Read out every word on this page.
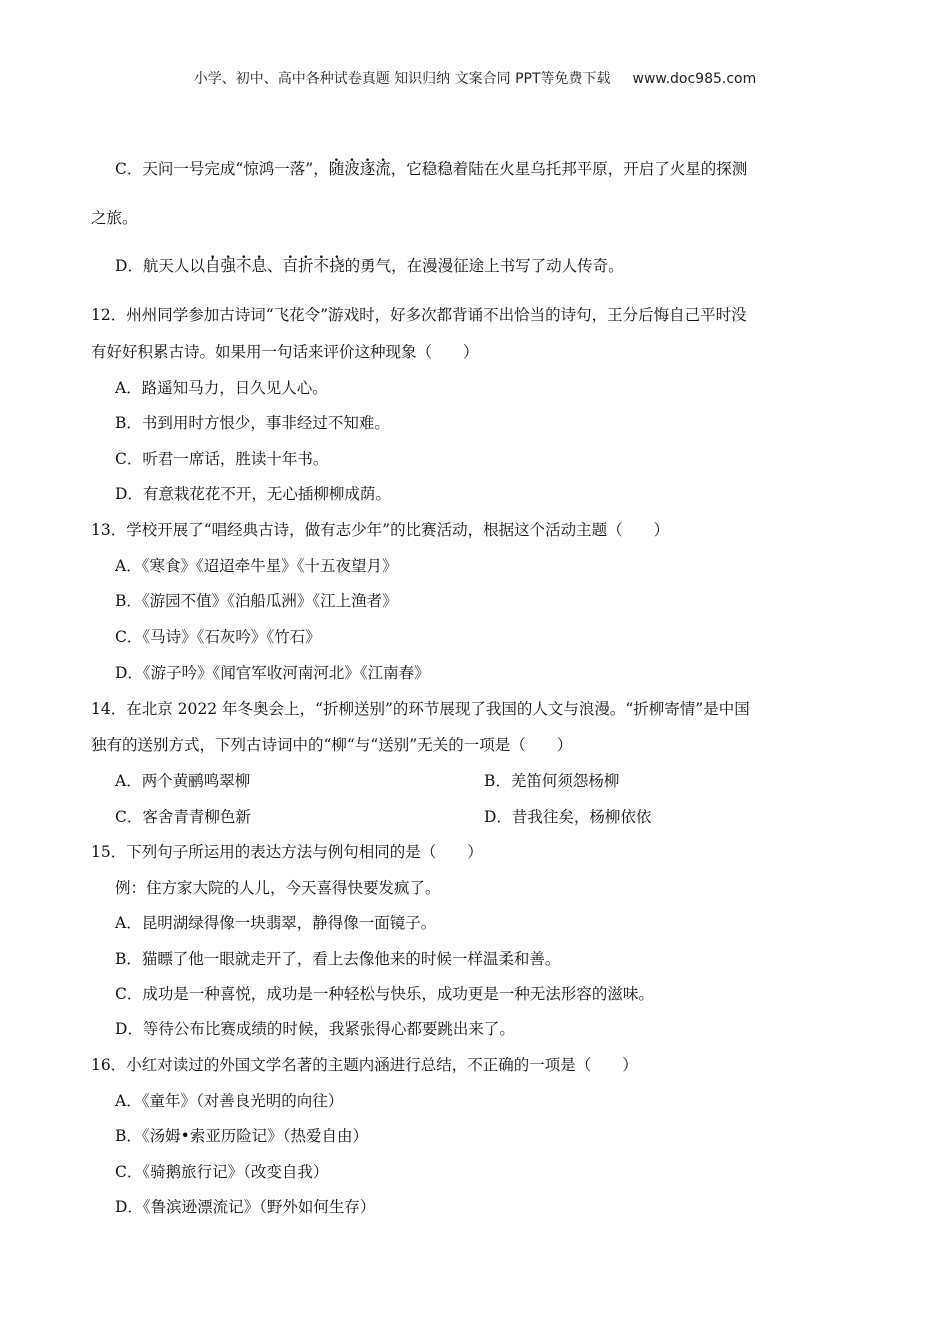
小学、初中、高中各种试卷真题 知识归纳 文案合同 PPT等免费下载 www.doc985.com
C．天问一号完成“惊鸿一落”，随波逐流，它稳稳着陆在火星乌托邦平原，开启了火星的探测
之旅。
D．航天人以自强不息、百折不挠的勇气，在漫漫征途上书写了动人传奇。
12．州州同学参加古诗词“飞花令”游戏时，好多次都背诵不出恰当的诗句，王分后悔自己平时没
有好好积累古诗。如果用一句话来评价这种现象（　　）
A．路遥知马力，日久见人心。
B．书到用时方恨少，事非经过不知难。
C．听君一席话，胜读十年书。
D．有意栽花花不开，无心插柳柳成荫。
13．学校开展了“唱经典古诗，做有志少年”的比赛活动，根据这个活动主题（　　）
A．《寒食》《迢迢牵牛星》《十五夜望月》
B．《游园不值》《泊船瓜洲》《江上渔者》
C．《马诗》《石灰吟》《竹石》
D．《游子吟》《闻官军收河南河北》《江南春》
14．在北京 2022 年冬奥会上，“折柳送别”的环节展现了我国的人文与浪漫。“折柳寄情”是中国
独有的送别方式，下列古诗词中的“柳“与“送别”无关的一项是（　　）
A．两个黄鹂鸣翠柳	B．羌笛何须怨杨柳
C．客舍青青柳色新	D．昔我往矣，杨柳依依
15．下列句子所运用的表达方法与例句相同的是（　　）
例：住方家大院的人儿，今天喜得快要发疯了。
A．昆明湖绿得像一块翡翠，静得像一面镜子。
B．猫瞟了他一眼就走开了，看上去像他来的时候一样温柔和善。
C．成功是一种喜悦，成功是一种轻松与快乐，成功更是一种无法形容的滋味。
D．等待公布比赛成绩的时候，我紧张得心都要跳出来了。
16．小红对读过的外国文学名著的主题内涵进行总结，不正确的一项是（　　）
A．《童年》（对善良光明的向往）
B．《汤姆•索亚历险记》（热爱自由）
C．《骑鹅旅行记》（改变自我）
D．《鲁滨逊漂流记》（野外如何生存）
